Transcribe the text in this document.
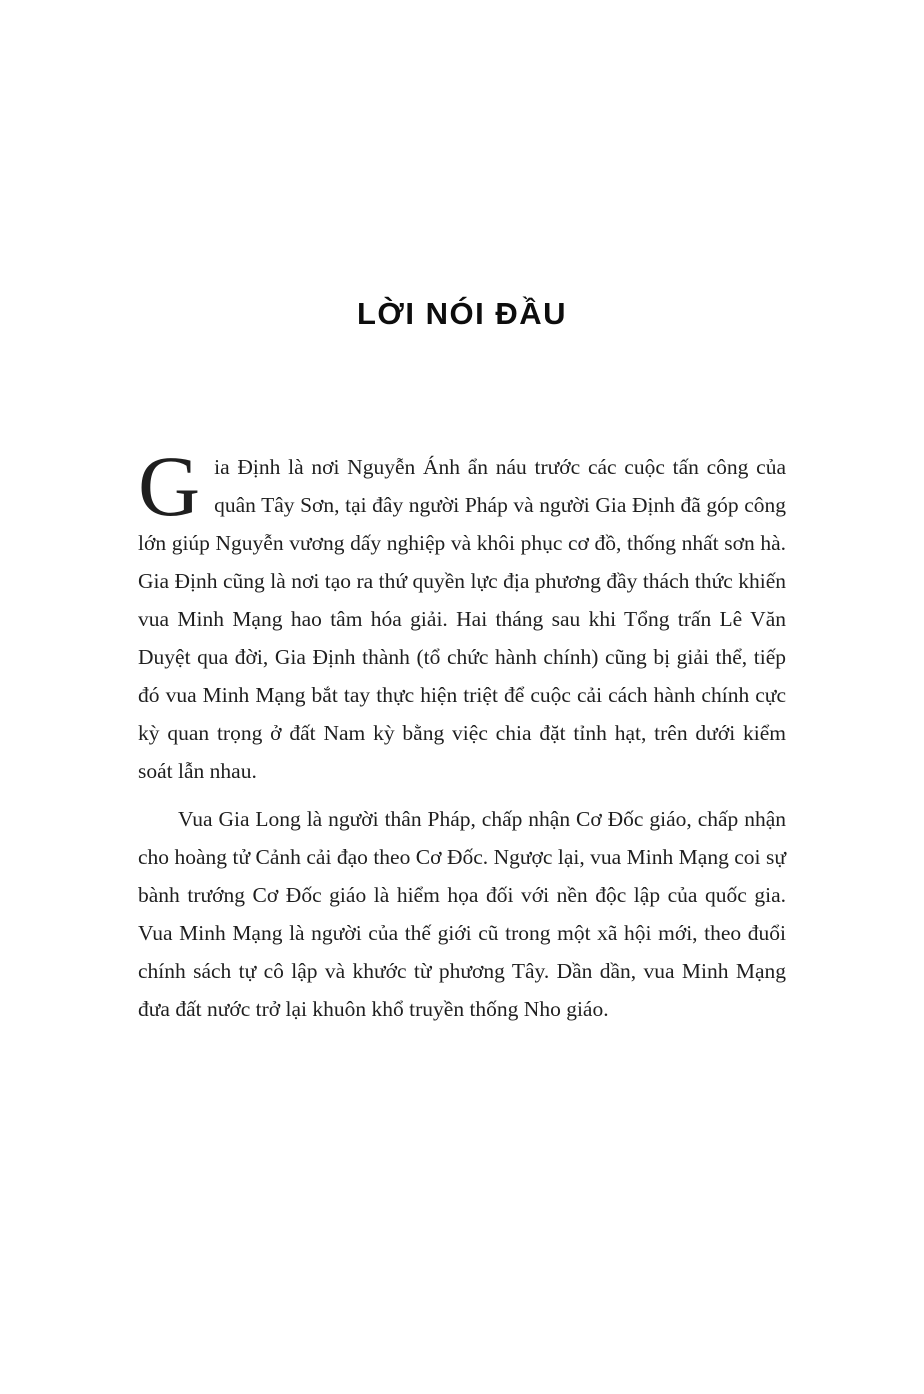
LỜI NÓI ĐẦU

Gia Định là nơi Nguyễn Ánh ẩn náu trước các cuộc tấn công của quân Tây Sơn, tại đây người Pháp và người Gia Định đã góp công lớn giúp Nguyễn vương dấy nghiệp và khôi phục cơ đồ, thống nhất sơn hà. Gia Định cũng là nơi tạo ra thứ quyền lực địa phương đầy thách thức khiến vua Minh Mạng hao tâm hóa giải. Hai tháng sau khi Tổng trấn Lê Văn Duyệt qua đời, Gia Định thành (tổ chức hành chính) cũng bị giải thể, tiếp đó vua Minh Mạng bắt tay thực hiện triệt để cuộc cải cách hành chính cực kỳ quan trọng ở đất Nam kỳ bằng việc chia đặt tỉnh hạt, trên dưới kiểm soát lẫn nhau.

Vua Gia Long là người thân Pháp, chấp nhận Cơ Đốc giáo, chấp nhận cho hoàng tử Cảnh cải đạo theo Cơ Đốc. Ngược lại, vua Minh Mạng coi sự bành trướng Cơ Đốc giáo là hiểm họa đối với nền độc lập của quốc gia. Vua Minh Mạng là người của thế giới cũ trong một xã hội mới, theo đuổi chính sách tự cô lập và khước từ phương Tây. Dần dần, vua Minh Mạng đưa đất nước trở lại khuôn khổ truyền thống Nho giáo.
